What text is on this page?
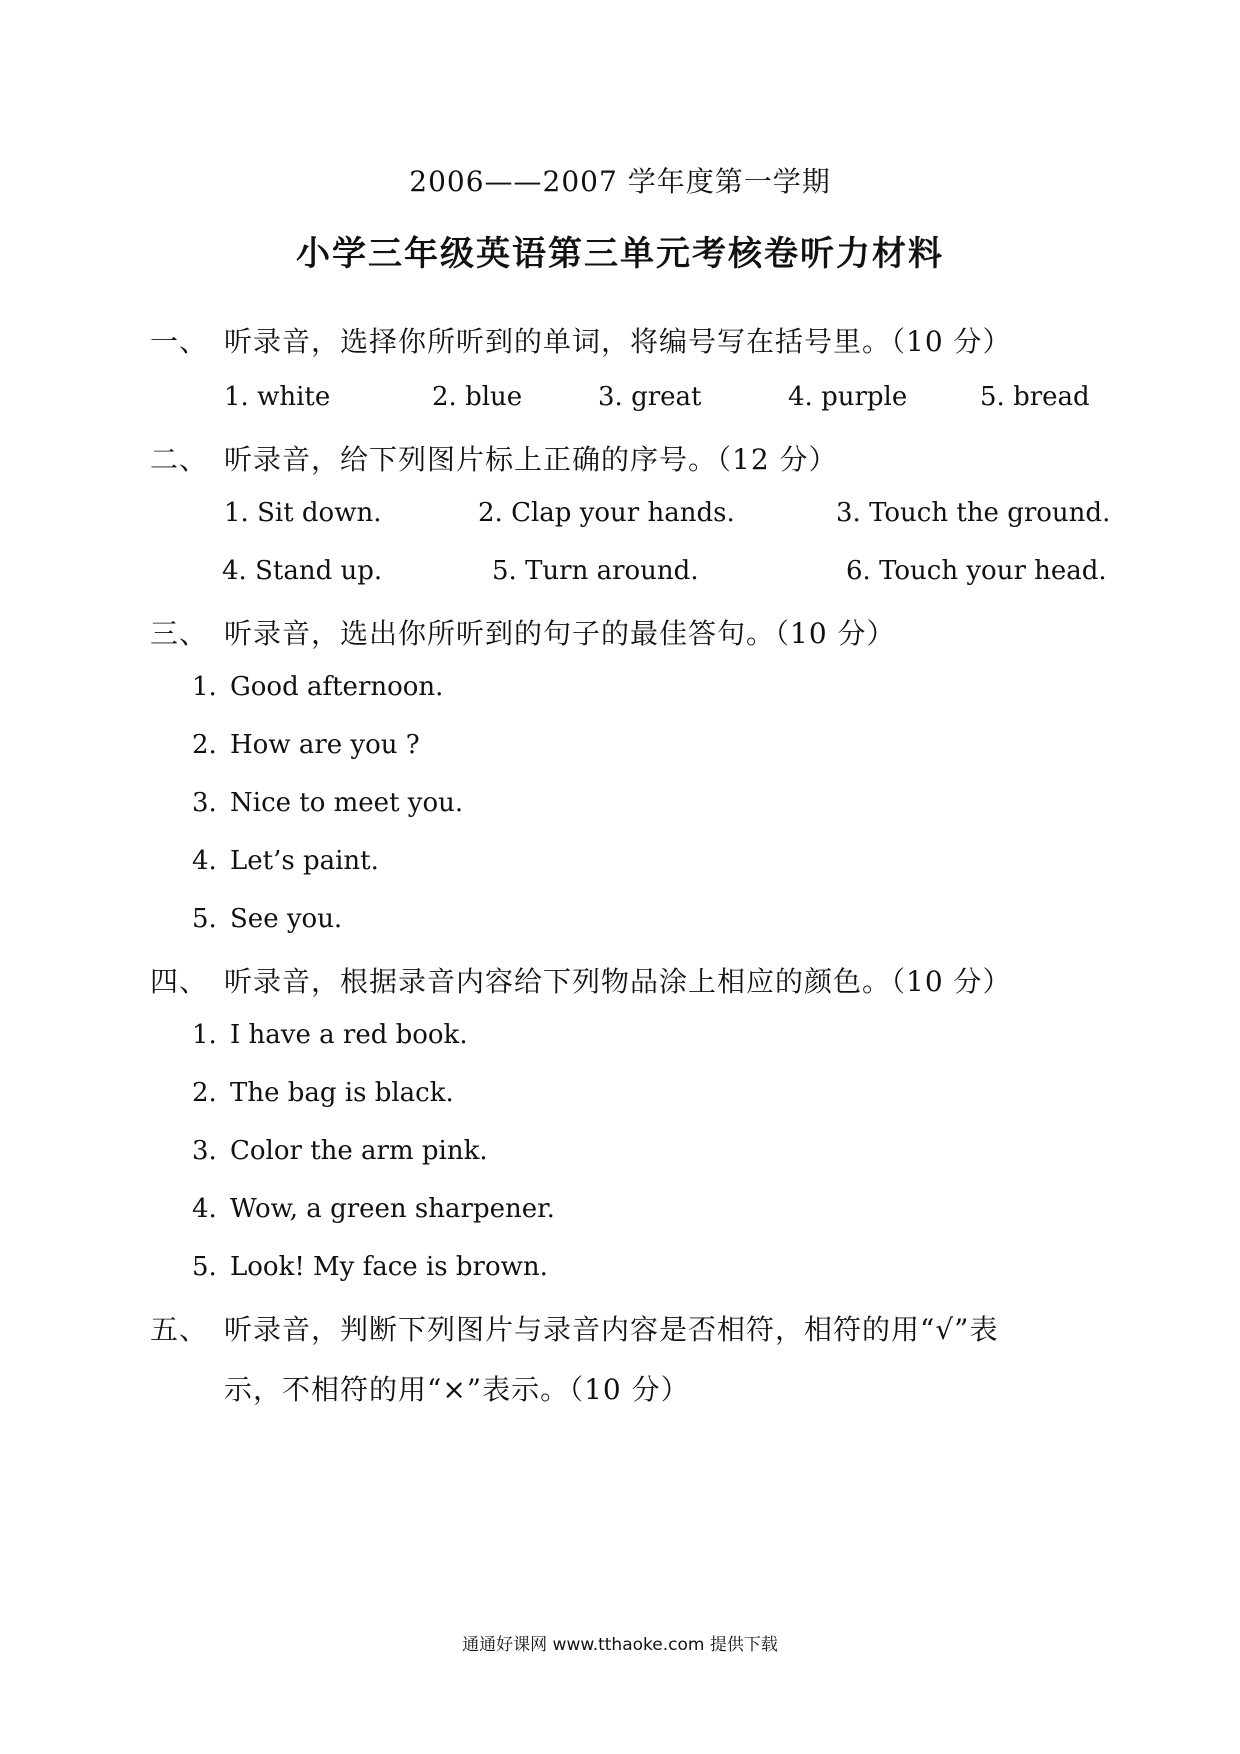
2006——2007 学年度第一学期
小学三年级英语第三单元考核卷听力材料
一、 听录音，选择你所听到的单词，将编号写在括号里。（10 分）
1. white	2. blue	3. great	4. purple	5. bread
二、 听录音，给下列图片标上正确的序号。（12 分）
1. Sit down.	2. Clap your hands.	3. Touch the ground.
4. Stand up.	5. Turn around.	6. Touch your head.
三、 听录音，选出你所听到的句子的最佳答句。（10 分）
1. Good afternoon.
2. How are you ?
3. Nice to meet you.
4. Let’s paint.
5. See you.
四、 听录音，根据录音内容给下列物品涂上相应的颜色。（10 分）
1. I have a red book.
2. The bag is black.
3. Color the arm pink.
4. Wow, a green sharpener.
5. Look! My face is brown.
五、 听录音，判断下列图片与录音内容是否相符，相符的用“√”表
示，不相符的用“×”表示。（10 分）
通通好课网 www.tthaoke.com 提供下载
